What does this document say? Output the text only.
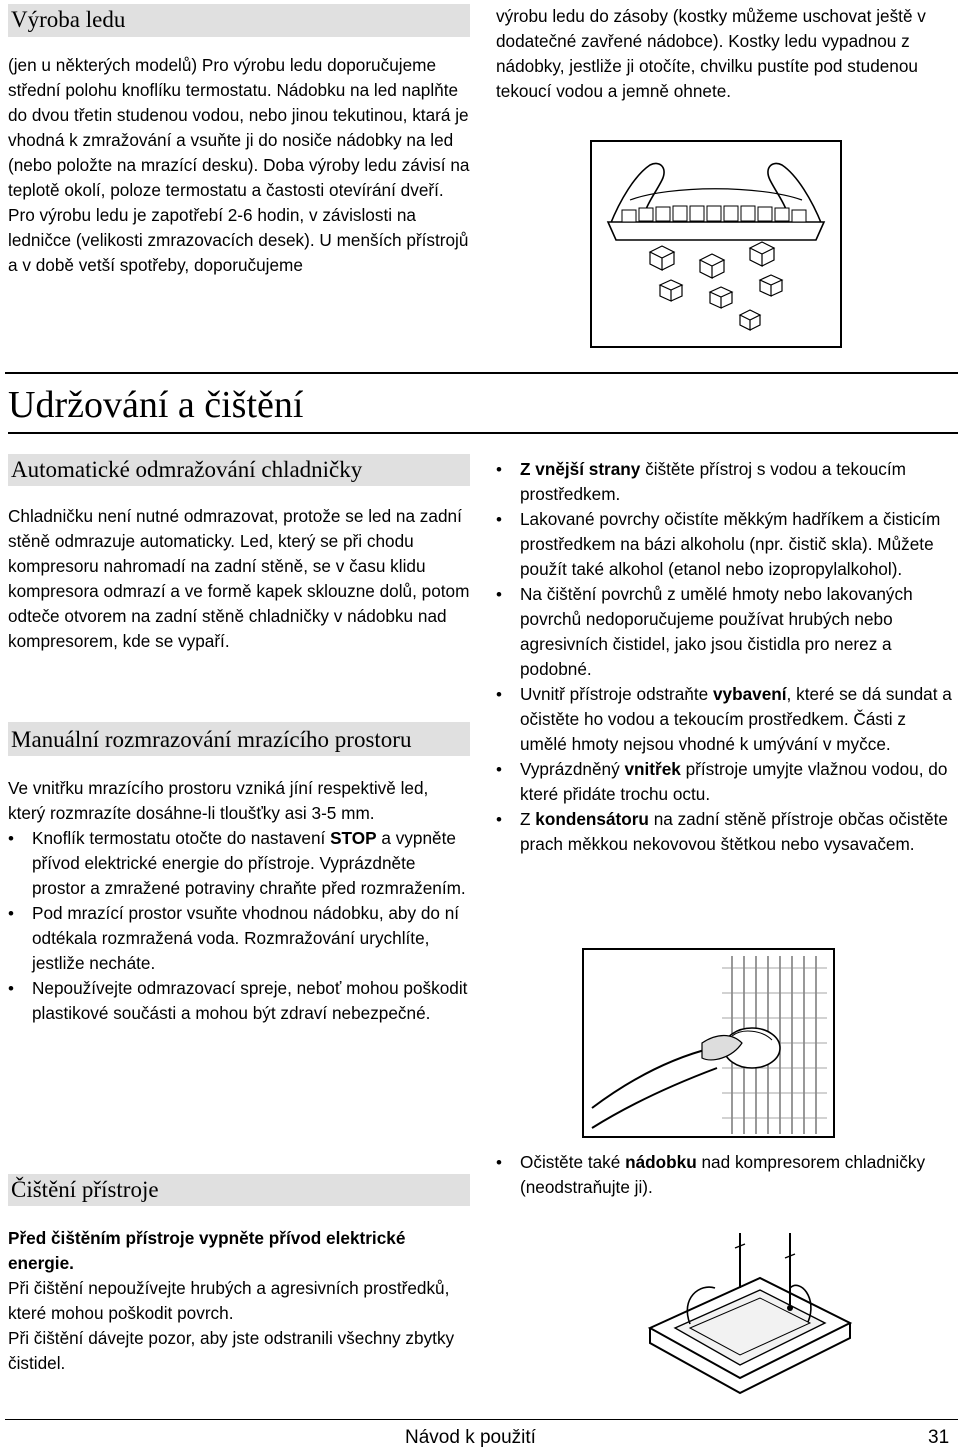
Výroba ledu

(jen u některých modelů) Pro výrobu ledu doporučujeme střední polohu knoflíku termostatu. Nádobku na led naplňte do dvou třetin studenou vodou, nebo jinou tekutinou, ktará je vhodná k zmražování a vsuňte ji do nosiče nádobky na led (nebo položte na mrazící desku). Doba výroby ledu závisí na teplotě okolí, poloze termostatu a častosti otevírání dveří. Pro výrobu ledu je zapotřebí 2-6 hodin, v závislosti na ledničce (velikosti zmrazovacích desek). U menších přístrojů a v době vetší spotřeby, doporučujeme

výrobu ledu do zásoby (kostky můžeme uschovat ještě v dodatečné zavřené nádobce). Kostky ledu vypadnou z nádobky, jestliže ji otočíte, chvilku pustíte pod studenou tekoucí vodou a jemně ohnete.

Udržování a čištění
Automatické odmražování chladničky

Chladničku není nutné odmrazovat, protože se led na zadní stěně odmrazuje automaticky. Led, který se při chodu kompresoru nahromadí na zadní stěně, se v času klidu kompresora odmrazí a ve formě kapek sklouzne dolů, potom odteče otvorem na zadní stěně chladničky v nádobku nad kompresorem, kde se vypaří.

Manuální rozmrazování mrazícího prostoru

Ve vnitřku mrazícího prostoru vzniká jíní respektivě led, který rozmrazíte dosáhne-li tloušťky asi 3-5 mm.

• Knoflík termostatu otočte do nastavení STOP a vypněte přívod elektrické energie do přístroje. Vyprázdněte prostor a zmražené potraviny chraňte před rozmražením.
• Pod mrazící prostor vsuňte vhodnou nádobku, aby do ní odtékala rozmražená voda. Rozmražování urychlíte, jestliže necháte.
• Nepoužívejte odmrazovací spreje, neboť mohou poškodit plastikové součásti a mohou být zdraví nebezpečné.
Čištění přístroje

Před čištěním přístroje vypněte přívod elektrické energie.

Při čištění nepoužívejte hrubých a agresivních prostředků, které mohou poškodit povrch.

Při čištění dávejte pozor, aby jste odstranili všechny zbytky čistidel.

• Z vnější strany čištěte přístroj s vodou a tekoucím prostředkem.
• Lakované povrchy očistíte měkkým hadříkem a čisticím prostředkem na bázi alkoholu (npr. čistič skla). Můžete použít také alkohol (etanol nebo izopropylalkohol).
• Na čištění povrchů z umělé hmoty nebo lakovaných povrchů nedoporučujeme používat hrubých nebo agresivních čistidel, jako jsou čistidla pro nerez a podobné.
• Uvnitř přístroje odstraňte vybavení, které se dá sundat a očistěte ho vodou a tekoucím prostředkem. Části z umělé hmoty nejsou vhodné k umývání v myčce.
• Vyprázdněný vnitřek přístroje umyjte vlažnou vodou, do které přidáte trochu octu.
• Z kondensátoru na zadní stěně přístroje občas očistěte prach měkkou nekovovou štětkou nebo vysavačem.
• Očistěte také nádobku nad kompresorem chladničky (neodstraňujte ji).
Návod k použití	31
